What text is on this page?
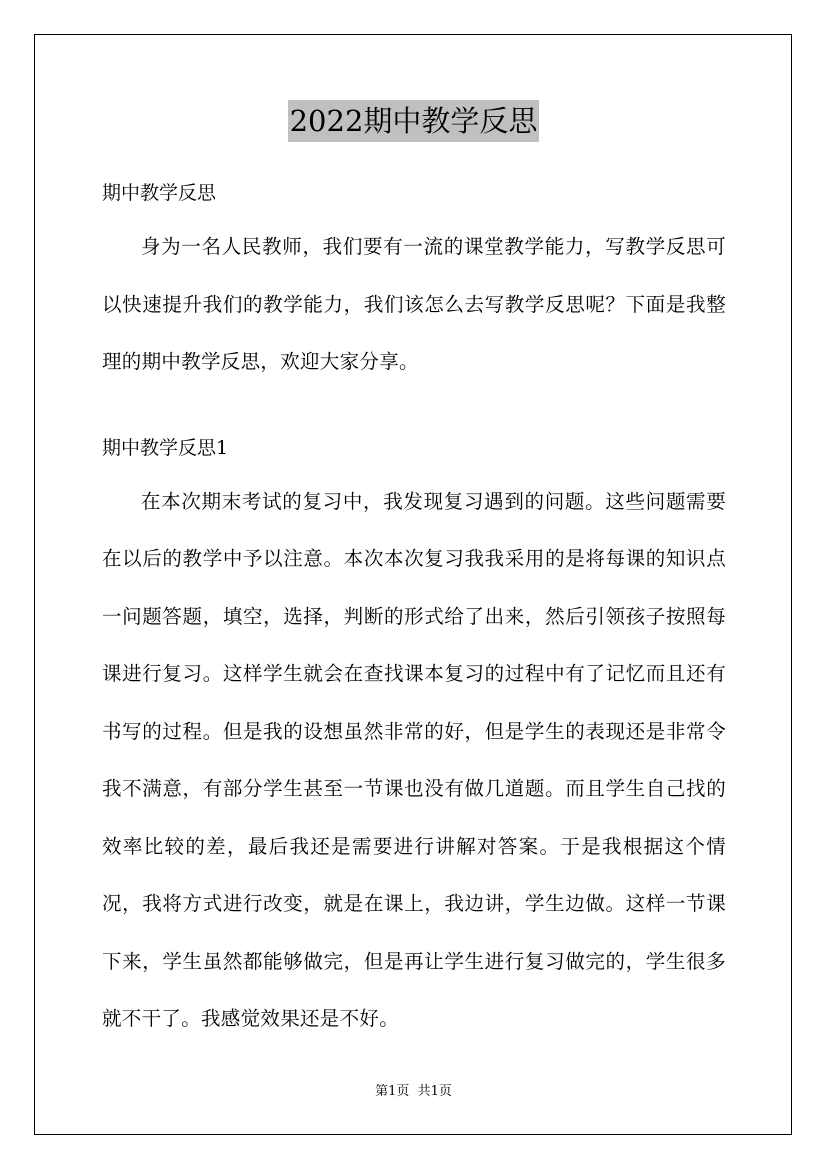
2022期中教学反思

期中教学反思

身为一名人民教师，我们要有一流的课堂教学能力，写教学反思可以快速提升我们的教学能力，我们该怎么去写教学反思呢？下面是我整理的期中教学反思，欢迎大家分享。

期中教学反思1

在本次期末考试的复习中，我发现复习遇到的问题。这些问题需要在以后的教学中予以注意。本次本次复习我我采用的是将每课的知识点一问题答题，填空，选择，判断的形式给了出来，然后引领孩子按照每课进行复习。这样学生就会在查找课本复习的过程中有了记忆而且还有书写的过程。但是我的设想虽然非常的好，但是学生的表现还是非常令我不满意，有部分学生甚至一节课也没有做几道题。而且学生自己找的效率比较的差，最后我还是需要进行讲解对答案。于是我根据这个情况，我将方式进行改变，就是在课上，我边讲，学生边做。这样一节课下来，学生虽然都能够做完，但是再让学生进行复习做完的，学生很多就不干了。我感觉效果还是不好。

第1页  共1页
